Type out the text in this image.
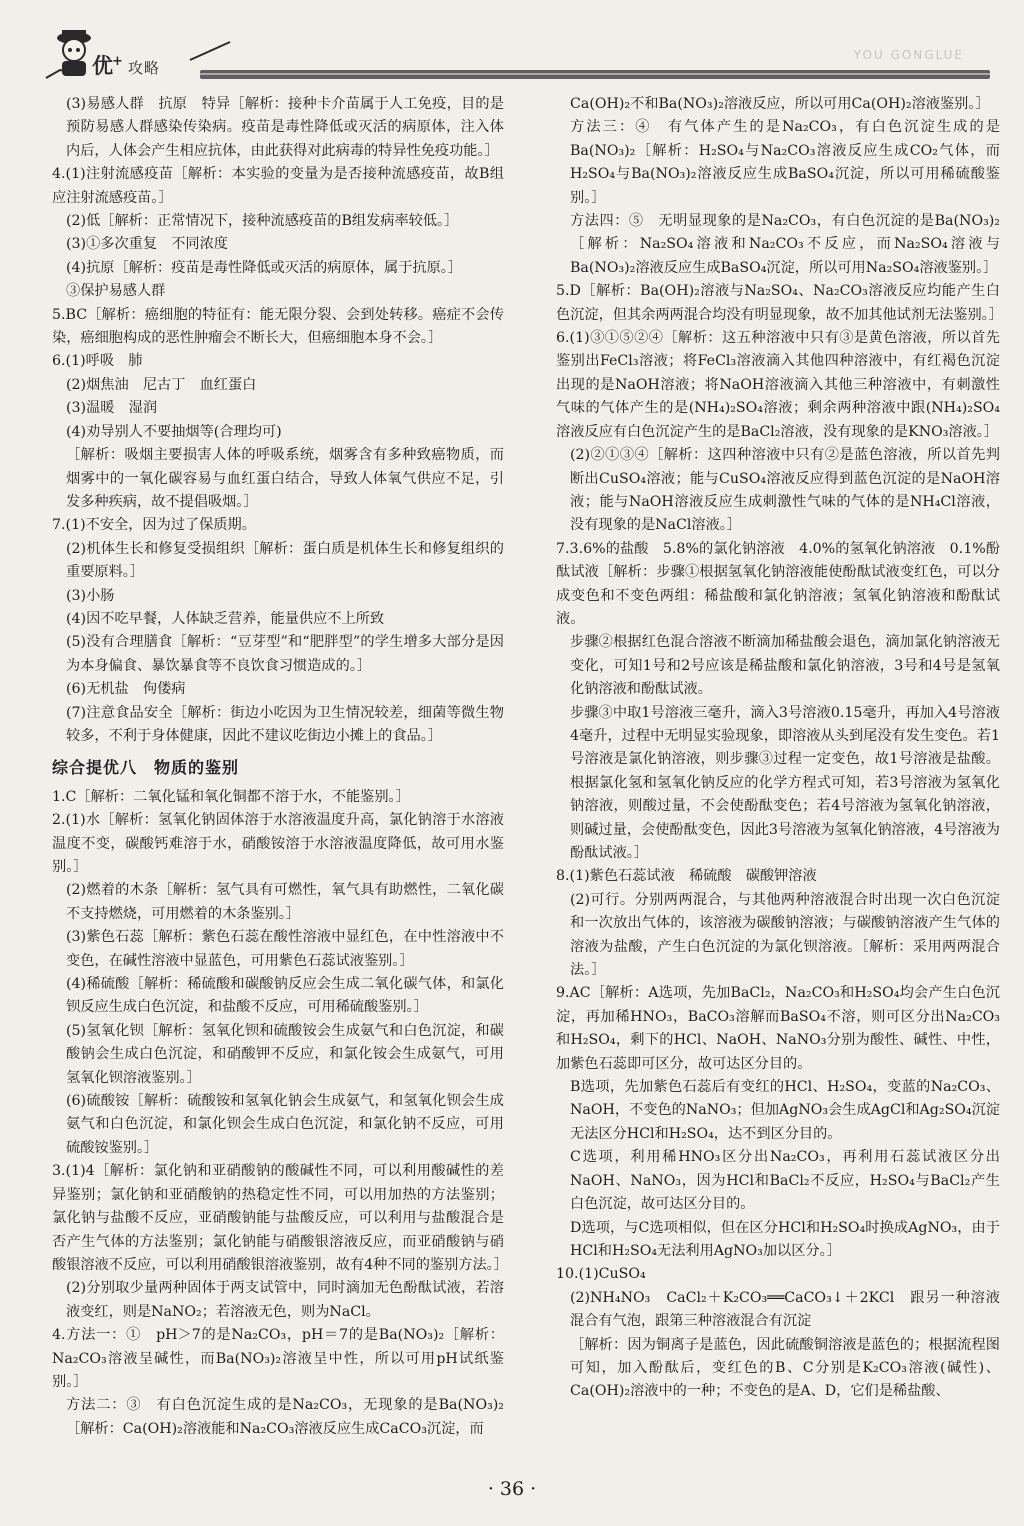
优+ 攻略
YOU GONGLUE

(3)易感人群　抗原　特异［解析：接种卡介苗属于人工免疫，目的是预防易感人群感染传染病。疫苗是毒性降低或灭活的病原体，注入体内后，人体会产生相应抗体，由此获得对此病毒的特异性免疫功能。］

4.(1)注射流感疫苗［解析：本实验的变量为是否接种流感疫苗，故B组应注射流感疫苗。］

(2)低［解析：正常情况下，接种流感疫苗的B组发病率较低。］

(3)①多次重复　不同浓度

(4)抗原［解析：疫苗是毒性降低或灭活的病原体，属于抗原。］

③保护易感人群

5.BC［解析：癌细胞的特征有：能无限分裂、会到处转移。癌症不会传染，癌细胞构成的恶性肿瘤会不断长大，但癌细胞本身不会。］

6.(1)呼吸　肺

(2)烟焦油　尼古丁　血红蛋白

(3)温暖　湿润

(4)劝导别人不要抽烟等(合理均可)

［解析：吸烟主要损害人体的呼吸系统，烟雾含有多种致癌物质，而烟雾中的一氧化碳容易与血红蛋白结合，导致人体氧气供应不足，引发多种疾病，故不提倡吸烟。］

7.(1)不安全，因为过了保质期。

(2)机体生长和修复受损组织［解析：蛋白质是机体生长和修复组织的重要原料。］

(3)小肠

(4)因不吃早餐，人体缺乏营养，能量供应不上所致

(5)没有合理膳食［解析：“豆芽型”和“肥胖型”的学生增多大部分是因为本身偏食、暴饮暴食等不良饮食习惯造成的。］

(6)无机盐　佝偻病

(7)注意食品安全［解析：街边小吃因为卫生情况较差，细菌等微生物较多，不利于身体健康，因此不建议吃街边小摊上的食品。］

综合提优八　物质的鉴别

1.C［解析：二氧化锰和氧化铜都不溶于水，不能鉴别。］

2.(1)水［解析：氢氧化钠固体溶于水溶液温度升高，氯化钠溶于水溶液温度不变，碳酸钙难溶于水，硝酸铵溶于水溶液温度降低，故可用水鉴别。］

(2)燃着的木条［解析：氢气具有可燃性，氧气具有助燃性，二氧化碳不支持燃烧，可用燃着的木条鉴别。］

(3)紫色石蕊［解析：紫色石蕊在酸性溶液中显红色，在中性溶液中不变色，在碱性溶液中显蓝色，可用紫色石蕊试液鉴别。］

(4)稀硫酸［解析：稀硫酸和碳酸钠反应会生成二氧化碳气体，和氯化钡反应生成白色沉淀，和盐酸不反应，可用稀硫酸鉴别。］

(5)氢氧化钡［解析：氢氧化钡和硫酸铵会生成氨气和白色沉淀，和碳酸钠会生成白色沉淀，和硝酸钾不反应，和氯化铵会生成氨气，可用氢氧化钡溶液鉴别。］

(6)硫酸铵［解析：硫酸铵和氢氧化钠会生成氨气，和氢氧化钡会生成氨气和白色沉淀，和氯化钡会生成白色沉淀，和氯化钠不反应，可用硫酸铵鉴别。］

3.(1)4［解析：氯化钠和亚硝酸钠的酸碱性不同，可以利用酸碱性的差异鉴别；氯化钠和亚硝酸钠的热稳定性不同，可以用加热的方法鉴别；氯化钠与盐酸不反应，亚硝酸钠能与盐酸反应，可以利用与盐酸混合是否产生气体的方法鉴别；氯化钠能与硝酸银溶液反应，而亚硝酸钠与硝酸银溶液不反应，可以利用硝酸银溶液鉴别，故有4种不同的鉴别方法。］

(2)分别取少量两种固体于两支试管中，同时滴加无色酚酞试液，若溶液变红，则是NaNO₂；若溶液无色，则为NaCl。

4.方法一：①　pH＞7的是Na₂CO₃，pH＝7的是Ba(NO₃)₂［解析：Na₂CO₃溶液呈碱性，而Ba(NO₃)₂溶液呈中性，所以可用pH试纸鉴别。］

方法二：③　有白色沉淀生成的是Na₂CO₃，无现象的是Ba(NO₃)₂［解析：Ca(OH)₂溶液能和Na₂CO₃溶液反应生成CaCO₃沉淀，而

Ca(OH)₂不和Ba(NO₃)₂溶液反应，所以可用Ca(OH)₂溶液鉴别。］

方法三：④　有气体产生的是Na₂CO₃，有白色沉淀生成的是Ba(NO₃)₂［解析：H₂SO₄与Na₂CO₃溶液反应生成CO₂气体，而H₂SO₄与Ba(NO₃)₂溶液反应生成BaSO₄沉淀，所以可用稀硫酸鉴别。］

方法四：⑤　无明显现象的是Na₂CO₃，有白色沉淀的是Ba(NO₃)₂［解析：Na₂SO₄溶液和Na₂CO₃不反应，而Na₂SO₄溶液与Ba(NO₃)₂溶液反应生成BaSO₄沉淀，所以可用Na₂SO₄溶液鉴别。］

5.D［解析：Ba(OH)₂溶液与Na₂SO₄、Na₂CO₃溶液反应均能产生白色沉淀，但其余两两混合均没有明显现象，故不加其他试剂无法鉴别。］

6.(1)③①⑤②④［解析：这五种溶液中只有③是黄色溶液，所以首先鉴别出FeCl₃溶液；将FeCl₃溶液滴入其他四种溶液中，有红褐色沉淀出现的是NaOH溶液；将NaOH溶液滴入其他三种溶液中，有刺激性气味的气体产生的是(NH₄)₂SO₄溶液；剩余两种溶液中跟(NH₄)₂SO₄溶液反应有白色沉淀产生的是BaCl₂溶液，没有现象的是KNO₃溶液。］

(2)②①③④［解析：这四种溶液中只有②是蓝色溶液，所以首先判断出CuSO₄溶液；能与CuSO₄溶液反应得到蓝色沉淀的是NaOH溶液；能与NaOH溶液反应生成刺激性气味的气体的是NH₄Cl溶液，没有现象的是NaCl溶液。］

7.3.6%的盐酸　5.8%的氯化钠溶液　4.0%的氢氧化钠溶液　0.1%酚酞试液［解析：步骤①根据氢氧化钠溶液能使酚酞试液变红色，可以分成变色和不变色两组：稀盐酸和氯化钠溶液；氢氧化钠溶液和酚酞试液。

步骤②根据红色混合溶液不断滴加稀盐酸会退色，滴加氯化钠溶液无变化，可知1号和2号应该是稀盐酸和氯化钠溶液，3号和4号是氢氧化钠溶液和酚酞试液。

步骤③中取1号溶液三毫升，滴入3号溶液0.15毫升，再加入4号溶液4毫升，过程中无明显实验现象，即溶液从头到尾没有发生变色。若1号溶液是氯化钠溶液，则步骤③过程一定变色，故1号溶液是盐酸。根据氯化氢和氢氧化钠反应的化学方程式可知，若3号溶液为氢氧化钠溶液，则酸过量，不会使酚酞变色；若4号溶液为氢氧化钠溶液，则碱过量，会使酚酞变色，因此3号溶液为氢氧化钠溶液，4号溶液为酚酞试液。］

8.(1)紫色石蕊试液　稀硫酸　碳酸钾溶液

(2)可行。分别两两混合，与其他两种溶液混合时出现一次白色沉淀和一次放出气体的，该溶液为碳酸钠溶液；与碳酸钠溶液产生气体的溶液为盐酸，产生白色沉淀的为氯化钡溶液。［解析：采用两两混合法。］

9.AC［解析：A选项，先加BaCl₂，Na₂CO₃和H₂SO₄均会产生白色沉淀，再加稀HNO₃，BaCO₃溶解而BaSO₄不溶，则可区分出Na₂CO₃和H₂SO₄，剩下的HCl、NaOH、NaNO₃分别为酸性、碱性、中性，加紫色石蕊即可区分，故可达区分目的。

B选项，先加紫色石蕊后有变红的HCl、H₂SO₄，变蓝的Na₂CO₃、NaOH，不变色的NaNO₃；但加AgNO₃会生成AgCl和Ag₂SO₄沉淀无法区分HCl和H₂SO₄，达不到区分目的。

C选项，利用稀HNO₃区分出Na₂CO₃，再利用石蕊试液区分出NaOH、NaNO₃，因为HCl和BaCl₂不反应，H₂SO₄与BaCl₂产生白色沉淀，故可达区分目的。

D选项，与C选项相似，但在区分HCl和H₂SO₄时换成AgNO₃，由于HCl和H₂SO₄无法利用AgNO₃加以区分。］

10.(1)CuSO₄

(2)NH₄NO₃　CaCl₂＋K₂CO₃══CaCO₃↓＋2KCl　跟另一种溶液混合有气泡，跟第三种溶液混合有沉淀

［解析：因为铜离子是蓝色，因此硫酸铜溶液是蓝色的；根据流程图可知，加入酚酞后，变红色的B、C分别是K₂CO₃溶液(碱性)、Ca(OH)₂溶液中的一种；不变色的是A、D，它们是稀盐酸、

· 36 ·
